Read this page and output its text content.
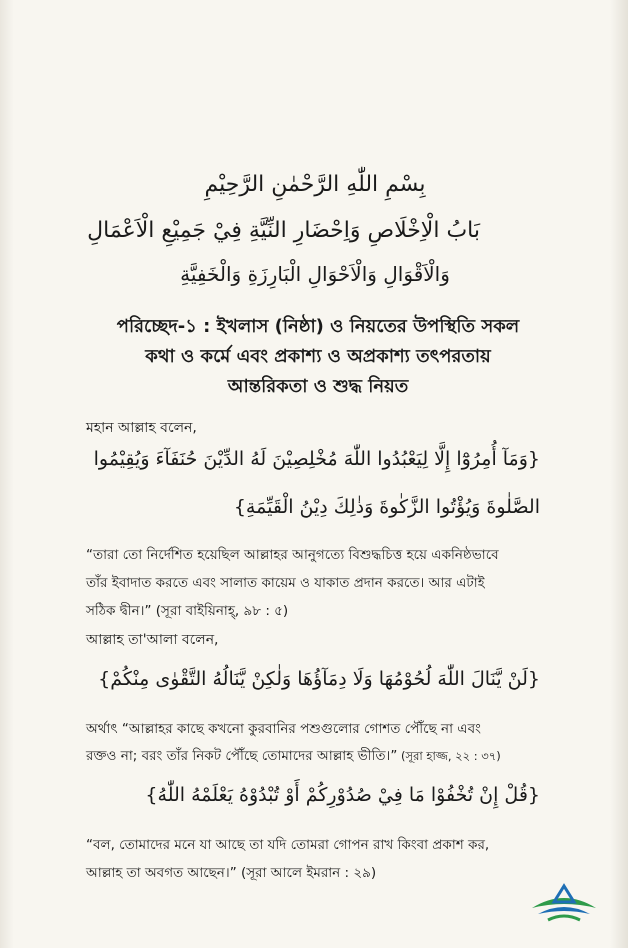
بِسْمِ اللّٰهِ الرَّحْمٰنِ الرَّحِيْمِ
بَابُ الْاِخْلَاصِ وَاِحْضَارِ النِّيَّةِ فِيْ جَمِيْعِ الْاَعْمَالِ
وَالْاَقْوَالِ وَالْاَحْوَالِ الْبَارِزَةِ وَالْخَفِيَّةِ
পরিচ্ছেদ-১ : ইখলাস (নিষ্ঠা) ও নিয়তের উপস্থিতি সকল
কথা ও কর্মে এবং প্রকাশ্য ও অপ্রকাশ্য তৎপরতায়
আন্তরিকতা ও শুদ্ধ নিয়ত
মহান আল্লাহ বলেন,
{وَمَآ أُمِرُوْٓا إِلَّا لِيَعْبُدُوا اللّٰهَ مُخْلِصِيْنَ لَهُ الدِّيْنَ حُنَفَآءَ وَيُقِيْمُوا
الصَّلٰوةَ وَيُؤْتُوا الزَّكٰوةَ وَذٰلِكَ دِيْنُ الْقَيِّمَةِ}
“তারা তো নির্দেশিত হয়েছিল আল্লাহর আনুগত্যে বিশুদ্ধচিত্ত হয়ে একনিষ্ঠভাবে
তাঁর ইবাদাত করতে এবং সালাত কায়েম ও যাকাত প্রদান করতে। আর এটাই
সঠিক দ্বীন।” (সূরা বাইয়িনাহ্, ৯৮ : ৫)
আল্লাহ তা'আলা বলেন,
{لَنْ يَّنَالَ اللّٰهَ لُحُوْمُهَا وَلَا دِمَآؤُهَا وَلٰكِنْ يَّنَالُهُ التَّقْوٰى مِنْكُمْ}
অর্থাৎ “আল্লাহর কাছে কখনো কুরবানির পশুগুলোর গোশত পৌঁছে না এবং
রক্তও না; বরং তাঁর নিকট পৌঁছে তোমাদের আল্লাহ ভীতি।” (সূরা হাজ্জ, ২২ : ৩৭)
{قُلْ إِنْ تُخْفُوْا مَا فِيْ صُدُوْرِكُمْ أَوْ تُبْدُوْهُ يَعْلَمْهُ اللّٰهُ}
“বল, তোমাদের মনে যা আছে তা যদি তোমরা গোপন রাখ কিংবা প্রকাশ কর,
আল্লাহ তা অবগত আছেন।” (সূরা আলে ইমরান : ২৯)
